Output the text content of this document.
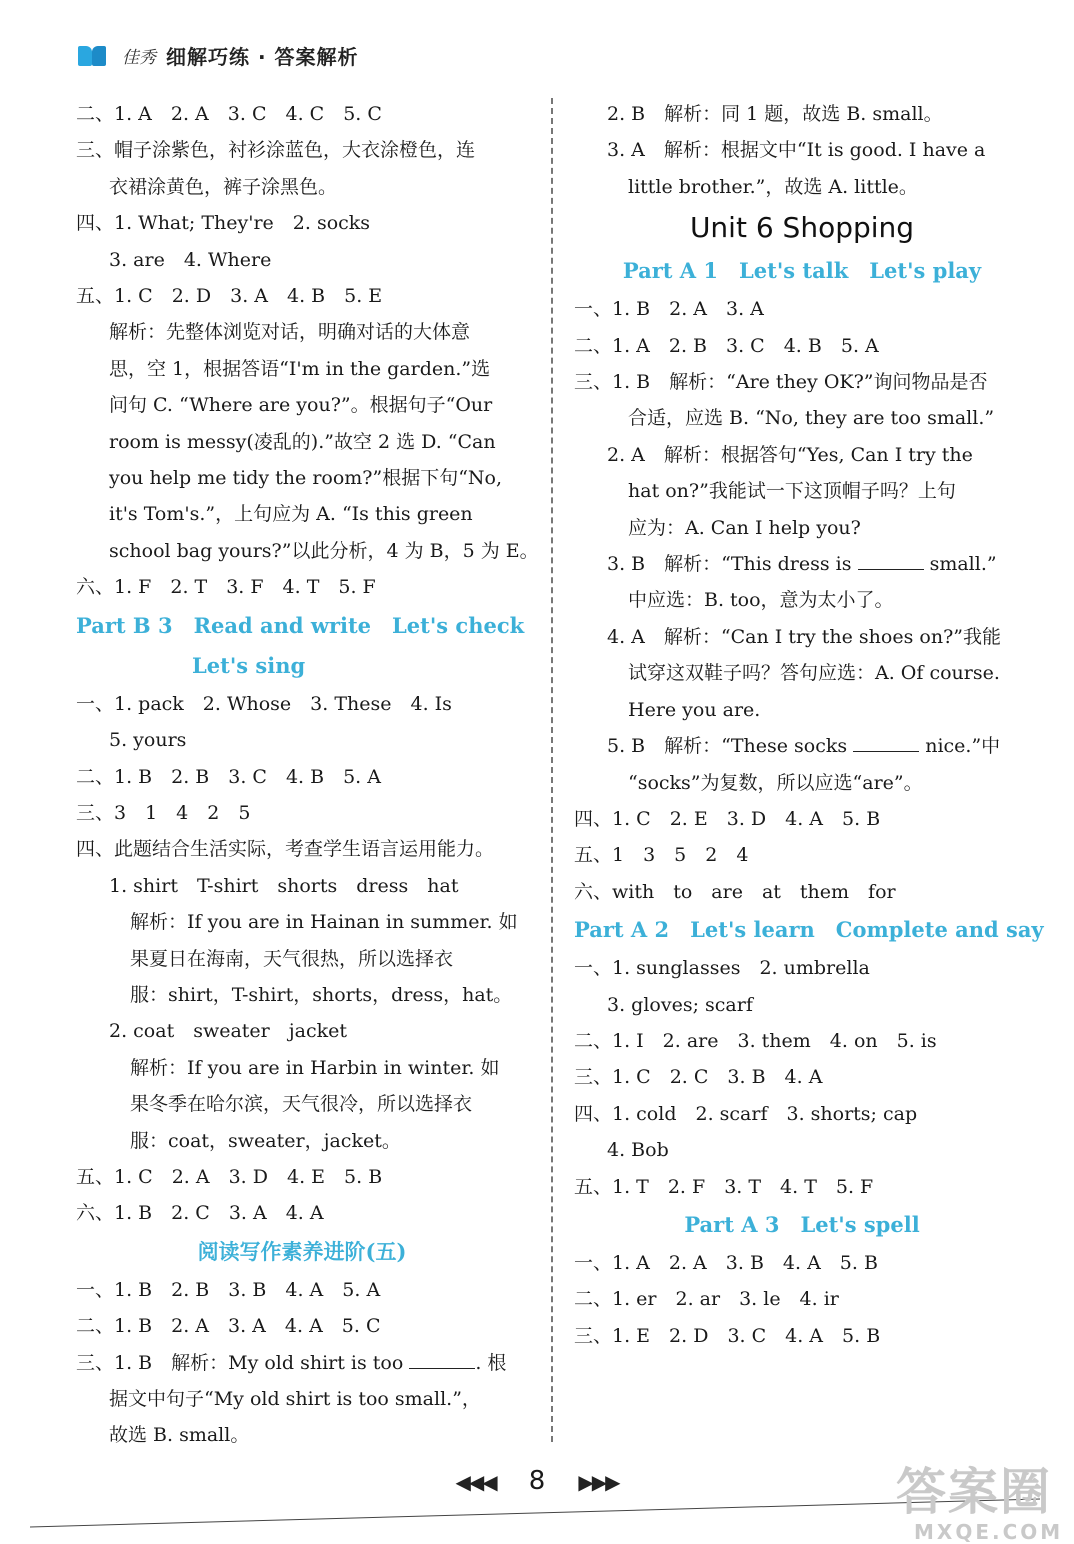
佳秀 细解巧练 · 答案解析
二、1. A　2. A　3. C　4. C　5. C
三、帽子涂紫色，衬衫涂蓝色，大衣涂橙色，连
衣裙涂黄色，裤子涂黑色。
四、1. What; They're　2. socks
3. are　4. Where
五、1. C　2. D　3. A　4. B　5. E
解析：先整体浏览对话，明确对话的大体意
思，空 1，根据答语“I'm in the garden.”选
问句 C. “Where are you?”。根据句子“Our
room is messy(凌乱的).”故空 2 选 D. “Can
you help me tidy the room?”根据下句“No,
it's Tom's.”，上句应为 A. “Is this green
school bag yours?”以此分析，4 为 B，5 为 E。
六、1. F　2. T　3. F　4. T　5. F
Part B 3　Read and write　Let's check
Let's sing
一、1. pack　2. Whose　3. These　4. Is
5. yours
二、1. B　2. B　3. C　4. B　5. A
三、3　1　4　2　5
四、此题结合生活实际，考查学生语言运用能力。
1. shirt　T-shirt　shorts　dress　hat
解析：If you are in Hainan in summer. 如
果夏日在海南，天气很热，所以选择衣
服：shirt，T-shirt，shorts，dress，hat。
2. coat　sweater　jacket
解析：If you are in Harbin in winter. 如
果冬季在哈尔滨，天气很冷，所以选择衣
服：coat，sweater，jacket。
五、1. C　2. A　3. D　4. E　5. B
六、1. B　2. C　3. A　4. A
阅读写作素养进阶(五)
一、1. B　2. B　3. B　4. A　5. A
二、1. B　2. A　3. A　4. A　5. C
三、1. B　解析：My old shirt is too	. 根
据文中句子“My old shirt is too small.”，
故选 B. small。
2. B　解析：同 1 题，故选 B. small。
3. A　解析：根据文中“It is good. I have a
little brother.”，故选 A. little。
Unit 6 Shopping
Part A 1　Let's talk　Let's play
一、1. B　2. A　3. A
二、1. A　2. B　3. C　4. B　5. A
三、1. B　解析：“Are they OK?”询问物品是否
合适，应选 B. “No, they are too small.”
2. A　解析：根据答句“Yes, Can I try the
hat on?”我能试一下这顶帽子吗？上句
应为：A. Can I help you?
3. B　解析：“This dress is	small.”
中应选：B. too，意为太小了。
4. A　解析：“Can I try the shoes on?”我能
试穿这双鞋子吗？答句应选：A. Of course.
Here you are.
5. B　解析：“These socks	nice.”中
“socks”为复数，所以应选“are”。
四、1. C　2. E　3. D　4. A　5. B
五、1　3　5　2　4
六、with　to　are　at　them　for
Part A 2　Let's learn　Complete and say
一、1. sunglasses　2. umbrella
3. gloves; scarf
二、1. I　2. are　3. them　4. on　5. is
三、1. C　2. C　3. B　4. A
四、1. cold　2. scarf　3. shorts; cap
4. Bob
五、1. T　2. F　3. T　4. T　5. F
Part A 3　Let's spell
一、1. A　2. A　3. B　4. A　5. B
二、1. er　2. ar　3. le　4. ir
三、1. E　2. D　3. C　4. A　5. B
◀◀◀ 8 ▶▶▶	答案圈
MXQE.COM
